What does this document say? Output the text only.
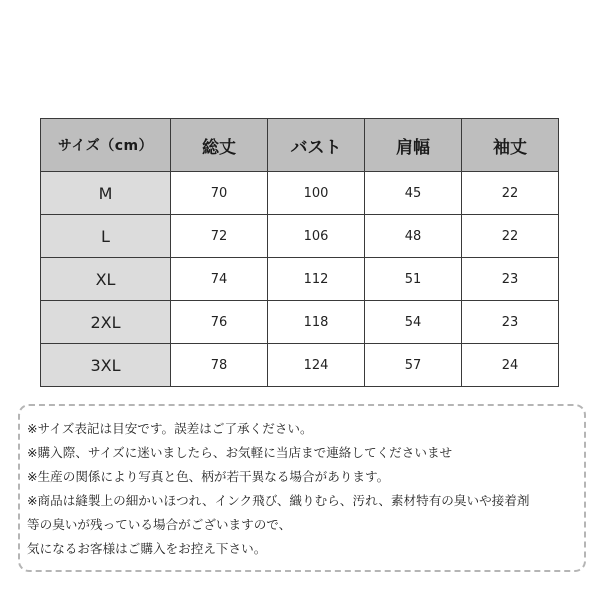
サイズ（cm）	総丈	バスト	肩幅	袖丈
M	70	100	45	22
L	72	106	48	22
XL	74	112	51	23
2XL	76	118	54	23
3XL	78	124	57	24
※サイズ表記は目安です。誤差はご了承ください。
※購入際、サイズに迷いましたら、お気軽に当店まで連絡してくださいませ
※生産の関係により写真と色、柄が若干異なる場合があります。
※商品は縫製上の細かいほつれ、インク飛び、織りむら、汚れ、素材特有の臭いや接着剤
等の臭いが残っている場合がございますので、
気になるお客様はご購入をお控え下さい。
